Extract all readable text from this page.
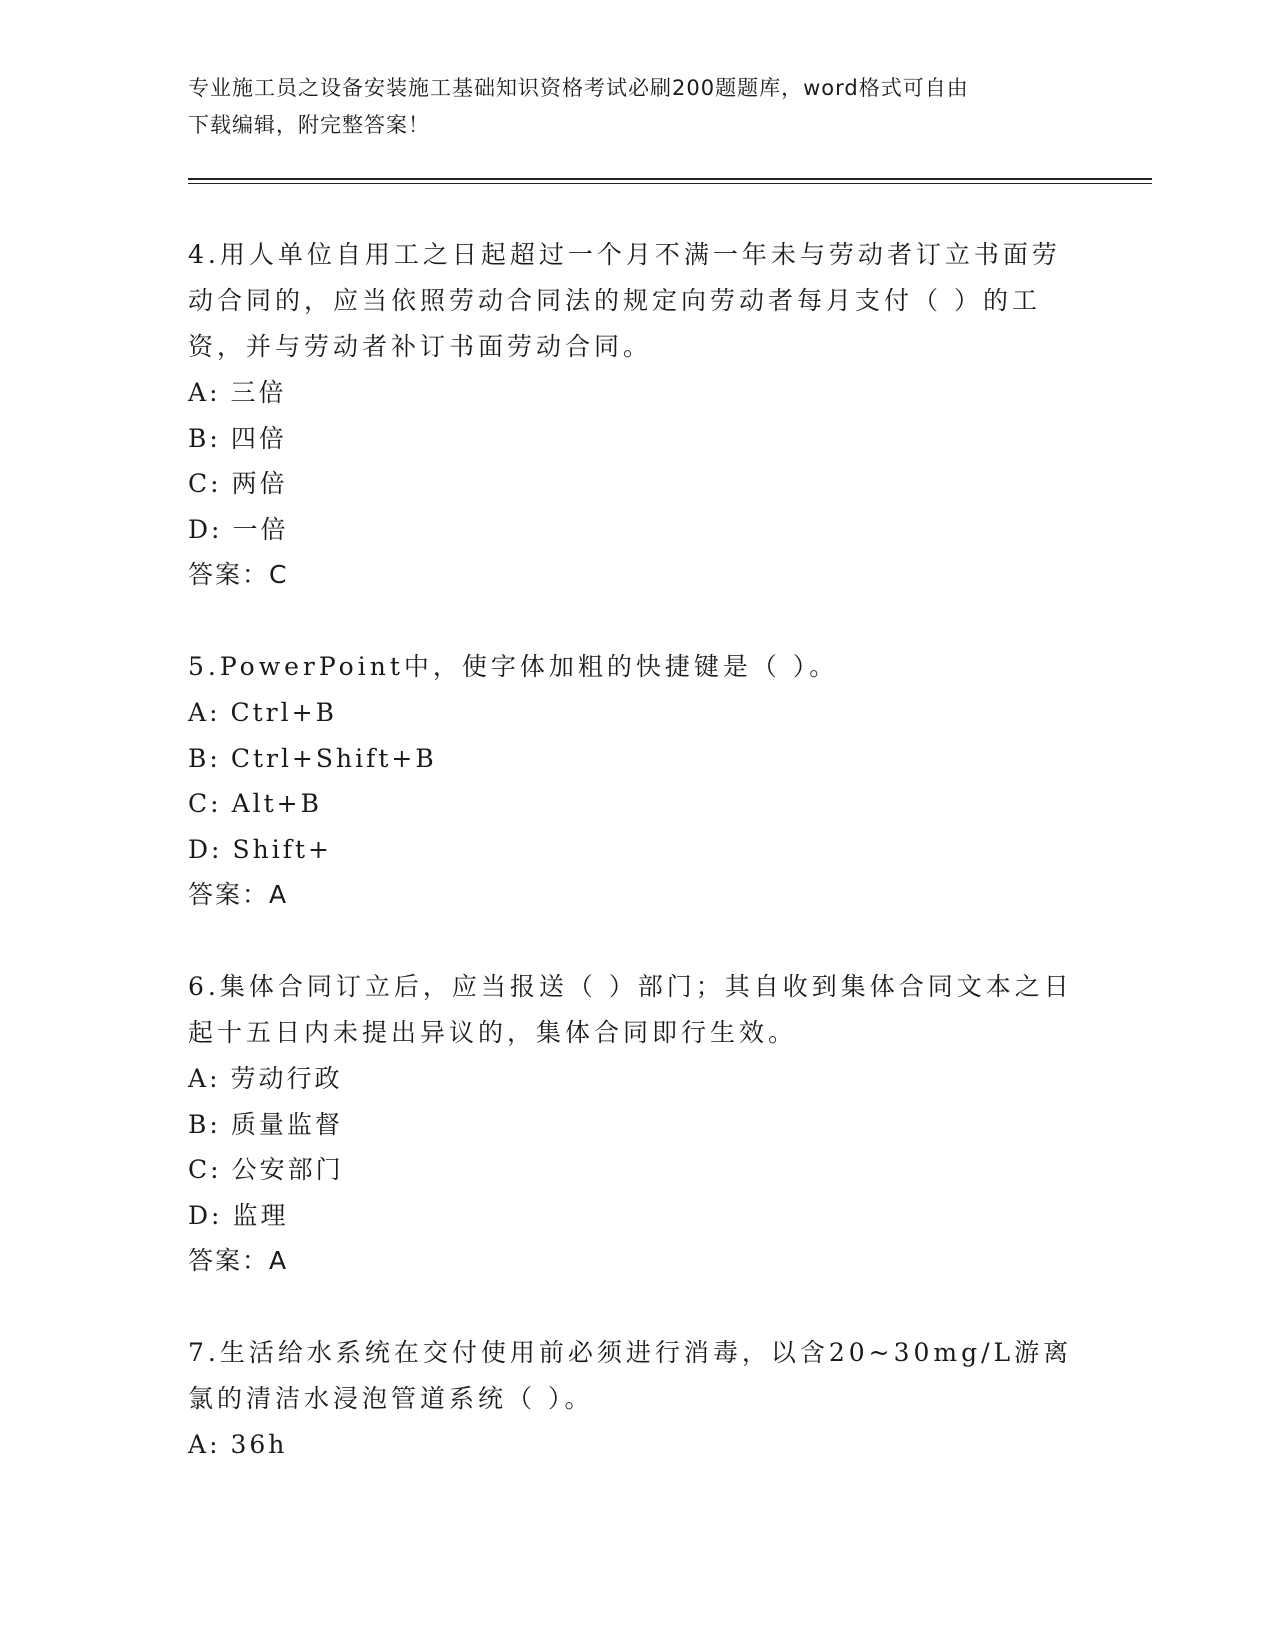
专业施工员之设备安装施工基础知识资格考试必刷200题题库，word格式可自由
下载编辑，附完整答案！

4.用人单位自用工之日起超过一个月不满一年未与劳动者订立书面劳动合同的，应当依照劳动合同法的规定向劳动者每月支付（ ）的工资，并与劳动者补订书面劳动合同。

A: 三倍
B: 四倍
C: 两倍
D: 一倍
答案：C

5.PowerPoint中，使字体加粗的快捷键是（ ）。

A: Ctrl+B
B: Ctrl+Shift+B
C: Alt+B
D: Shift+
答案：A

6.集体合同订立后，应当报送（ ）部门；其自收到集体合同文本之日起十五日内未提出异议的，集体合同即行生效。

A: 劳动行政
B: 质量监督
C: 公安部门
D: 监理
答案：A

7.生活给水系统在交付使用前必须进行消毒，以含20~30mg/L游离氯的清洁水浸泡管道系统（ ）。

A: 36h
